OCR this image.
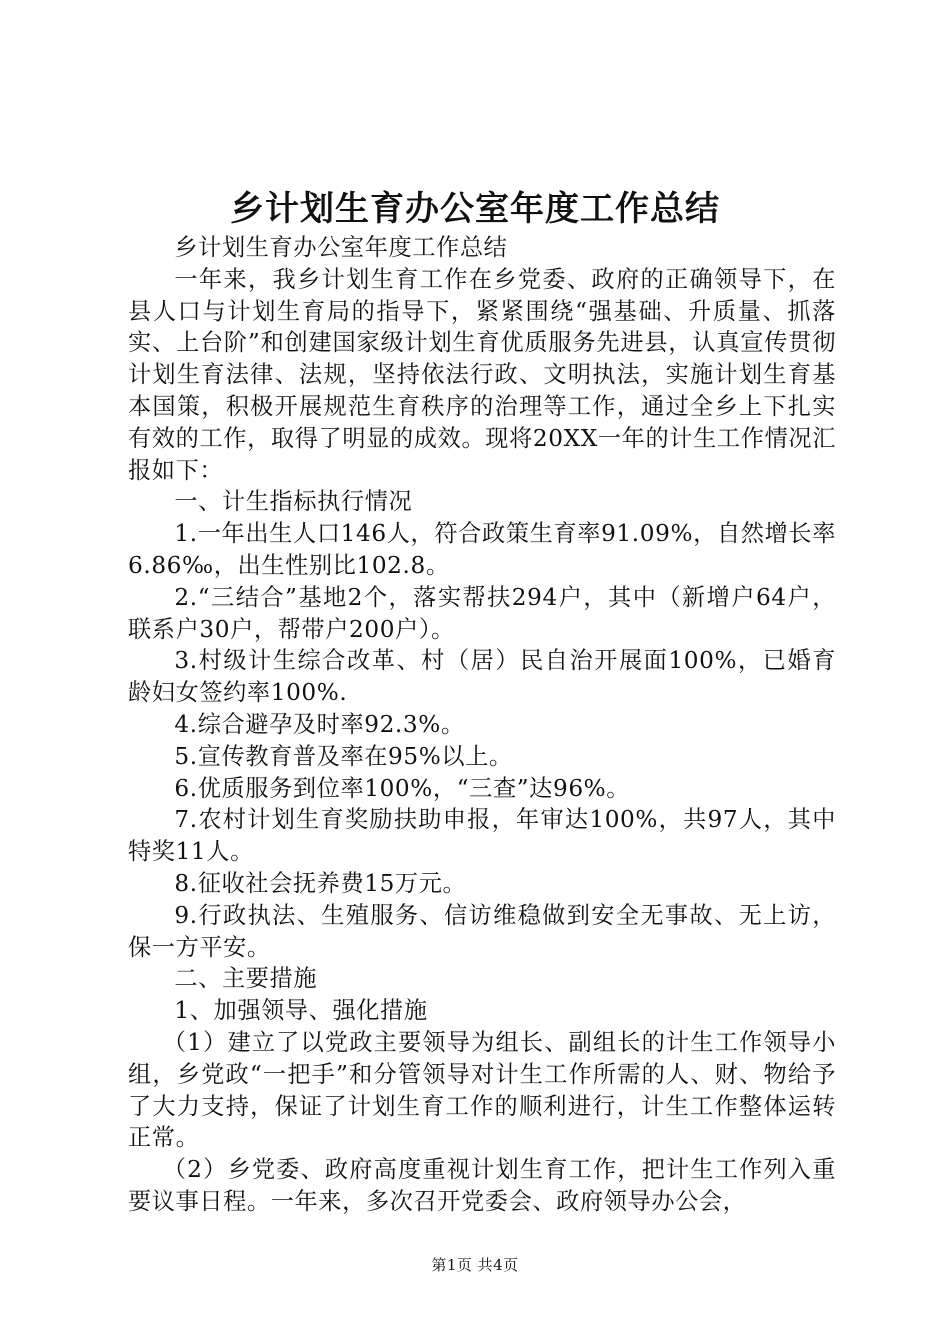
乡计划生育办公室年度工作总结

乡计划生育办公室年度工作总结

一年来，我乡计划生育工作在乡党委、政府的正确领导下，在县人口与计划生育局的指导下，紧紧围绕“强基础、升质量、抓落实、上台阶”和创建国家级计划生育优质服务先进县，认真宣传贯彻计划生育法律、法规，坚持依法行政、文明执法，实施计划生育基本国策，积极开展规范生育秩序的治理等工作，通过全乡上下扎实有效的工作，取得了明显的成效。现将20XX一年的计生工作情况汇报如下：

一、计生指标执行情况

1.一年出生人口146人，符合政策生育率91.09%，自然增长率6.86‰，出生性别比102.8。

2.“三结合”基地2个，落实帮扶294户，其中（新增户64户，联系户30户，帮带户200户）。

3.村级计生综合改革、村（居）民自治开展面100%，已婚育龄妇女签约率100%.

4.综合避孕及时率92.3%。

5.宣传教育普及率在95%以上。

6.优质服务到位率100%，“三查”达96%。

7.农村计划生育奖励扶助申报，年审达100%，共97人，其中特奖11人。

8.征收社会抚养费15万元。

9.行政执法、生殖服务、信访维稳做到安全无事故、无上访，保一方平安。

二、主要措施

1、加强领导、强化措施

（1）建立了以党政主要领导为组长、副组长的计生工作领导小组，乡党政“一把手”和分管领导对计生工作所需的人、财、物给予了大力支持，保证了计划生育工作的顺利进行，计生工作整体运转正常。

（2）乡党委、政府高度重视计划生育工作，把计生工作列入重要议事日程。一年来，多次召开党委会、政府领导办公会，

第1页 共4页
